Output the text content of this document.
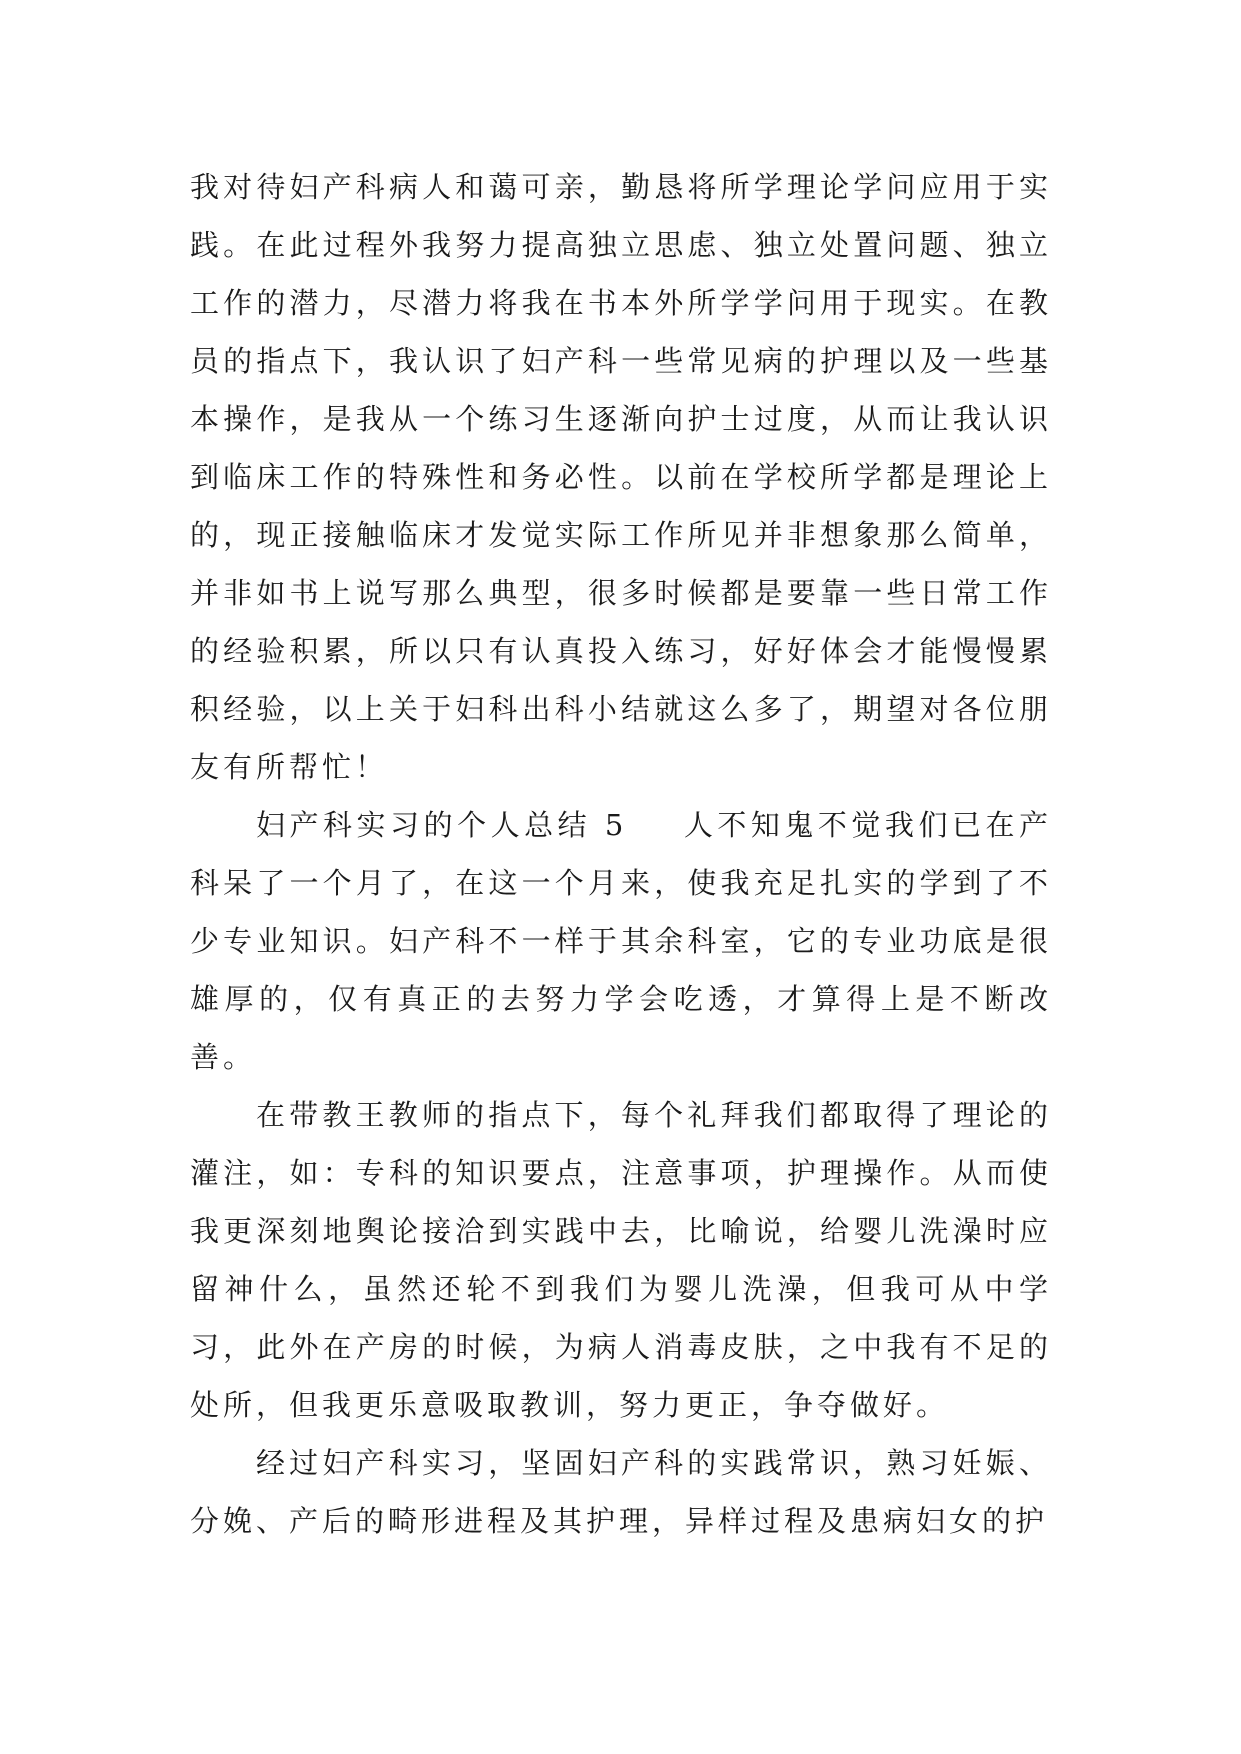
我对待妇产科病人和蔼可亲，勤恳将所学理论学问应用于实践。在此过程外我努力提高独立思虑、独立处置问题、独立工作的潜力，尽潜力将我在书本外所学学问用于现实。在教员的指点下，我认识了妇产科一些常见病的护理以及一些基本操作，是我从一个练习生逐渐向护士过度，从而让我认识到临床工作的特殊性和务必性。以前在学校所学都是理论上的，现正接触临床才发觉实际工作所见并非想象那么简单，并非如书上说写那么典型，很多时候都是要靠一些日常工作的经验积累，所以只有认真投入练习，好好体会才能慢慢累积经验，以上关于妇科出科小结就这么多了，期望对各位朋友有所帮忙！

妇产科实习的个人总结 5 人不知鬼不觉我们已在产科呆了一个月了，在这一个月来，使我充足扎实的学到了不少专业知识。妇产科不一样于其余科室，它的专业功底是很雄厚的，仅有真正的去努力学会吃透，才算得上是不断改善。

在带教王教师的指点下，每个礼拜我们都取得了理论的灌注，如：专科的知识要点，注意事项，护理操作。从而使我更深刻地舆论接洽到实践中去，比喻说，给婴儿洗澡时应留神什么，虽然还轮不到我们为婴儿洗澡，但我可从中学习，此外在产房的时候，为病人消毒皮肤，之中我有不足的处所，但我更乐意吸取教训，努力更正，争夺做好。

经过妇产科实习，坚固妇产科的实践常识，熟习妊娠、分娩、产后的畸形进程及其护理，异样过程及患病妇女的护
